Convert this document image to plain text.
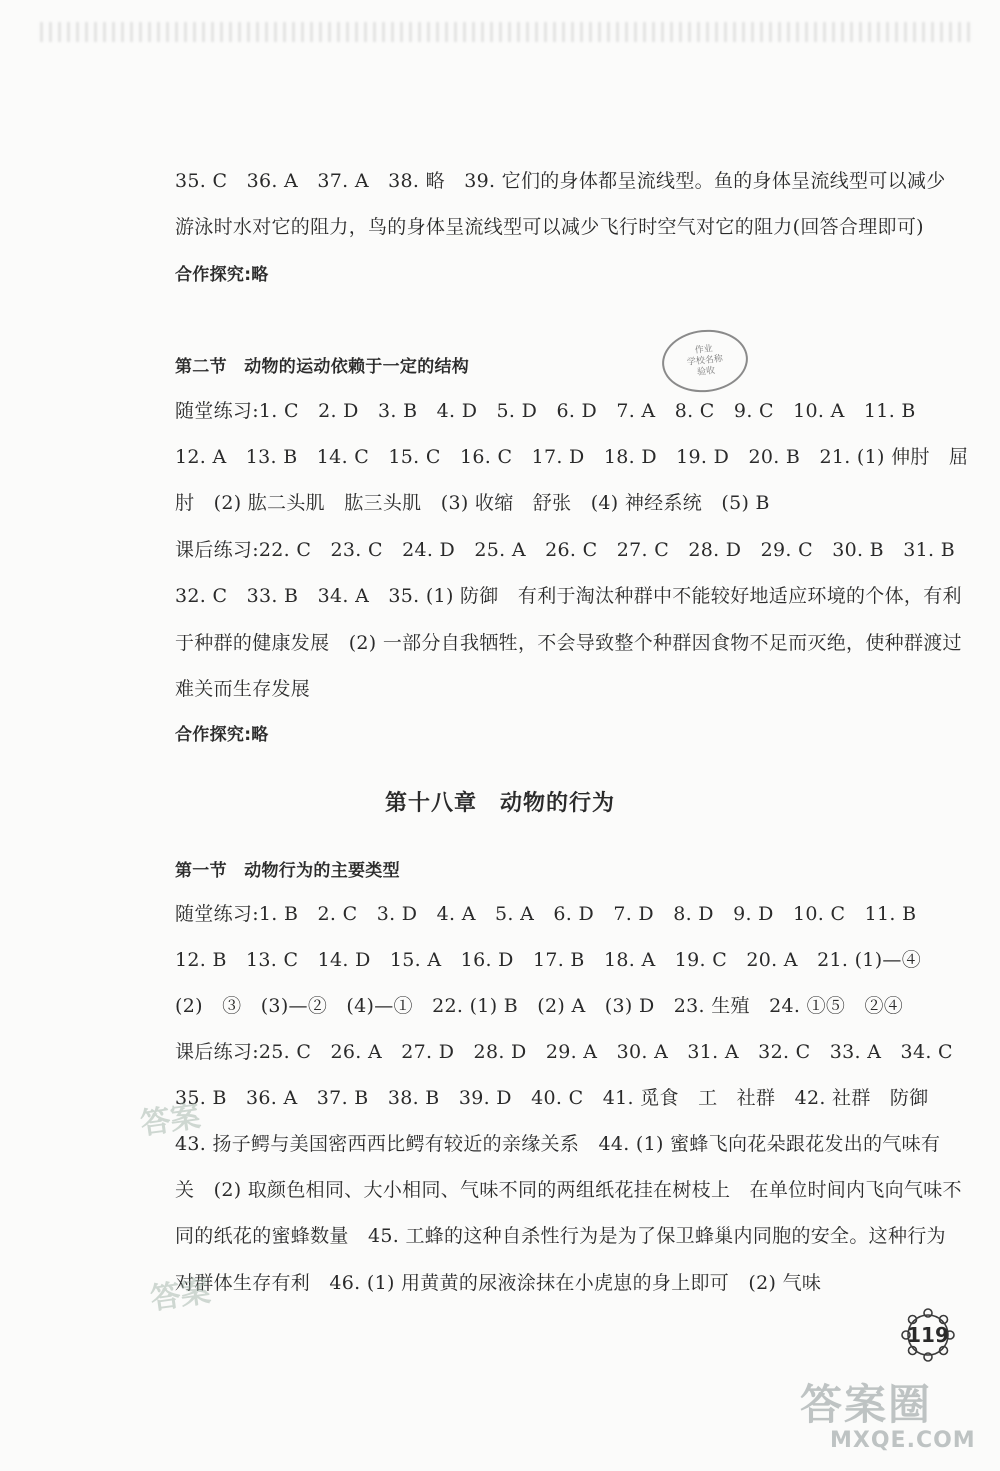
35. C　36. A　37. A　38. 略　39. 它们的身体都呈流线型。鱼的身体呈流线型可以减少
游泳时水对它的阻力，鸟的身体呈流线型可以减少飞行时空气对它的阻力(回答合理即可)
合作探究:略
作业
学校名称
验收
第二节　动物的运动依赖于一定的结构
随堂练习:1. C　2. D　3. B　4. D　5. D　6. D　7. A　8. C　9. C　10. A　11. B
12. A　13. B　14. C　15. C　16. C　17. D　18. D　19. D　20. B　21. (1) 伸肘　屈
肘　(2) 肱二头肌　肱三头肌　(3) 收缩　舒张　(4) 神经系统　(5) B
课后练习:22. C　23. C　24. D　25. A　26. C　27. C　28. D　29. C　30. B　31. B
32. C　33. B　34. A　35. (1) 防御　有利于淘汰种群中不能较好地适应环境的个体，有利
于种群的健康发展　(2) 一部分自我牺牲，不会导致整个种群因食物不足而灭绝，使种群渡过
难关而生存发展
合作探究:略
第十八章　动物的行为
第一节　动物行为的主要类型
随堂练习:1. B　2. C　3. D　4. A　5. A　6. D　7. D　8. D　9. D　10. C　11. B
12. B　13. C　14. D　15. A　16. D　17. B　18. A　19. C　20. A　21. (1)—④
(2)　③　(3)—②　(4)—①　22. (1) B　(2) A　(3) D　23. 生殖　24. ①⑤　②④
课后练习:25. C　26. A　27. D　28. D　29. A　30. A　31. A　32. C　33. A　34. C
35. B　36. A　37. B　38. B　39. D　40. C　41. 觅食　工　社群　42. 社群　防御
43. 扬子鳄与美国密西西比鳄有较近的亲缘关系　44. (1) 蜜蜂飞向花朵跟花发出的气味有
关　(2) 取颜色相同、大小相同、气味不同的两组纸花挂在树枝上　在单位时间内飞向气味不
同的纸花的蜜蜂数量　45. 工蜂的这种自杀性行为是为了保卫蜂巢内同胞的安全。这种行为
对群体生存有利　46. (1) 用黄黄的尿液涂抹在小虎崽的身上即可　(2) 气味
答案
答案
119
答案圈
MXQE.COM
